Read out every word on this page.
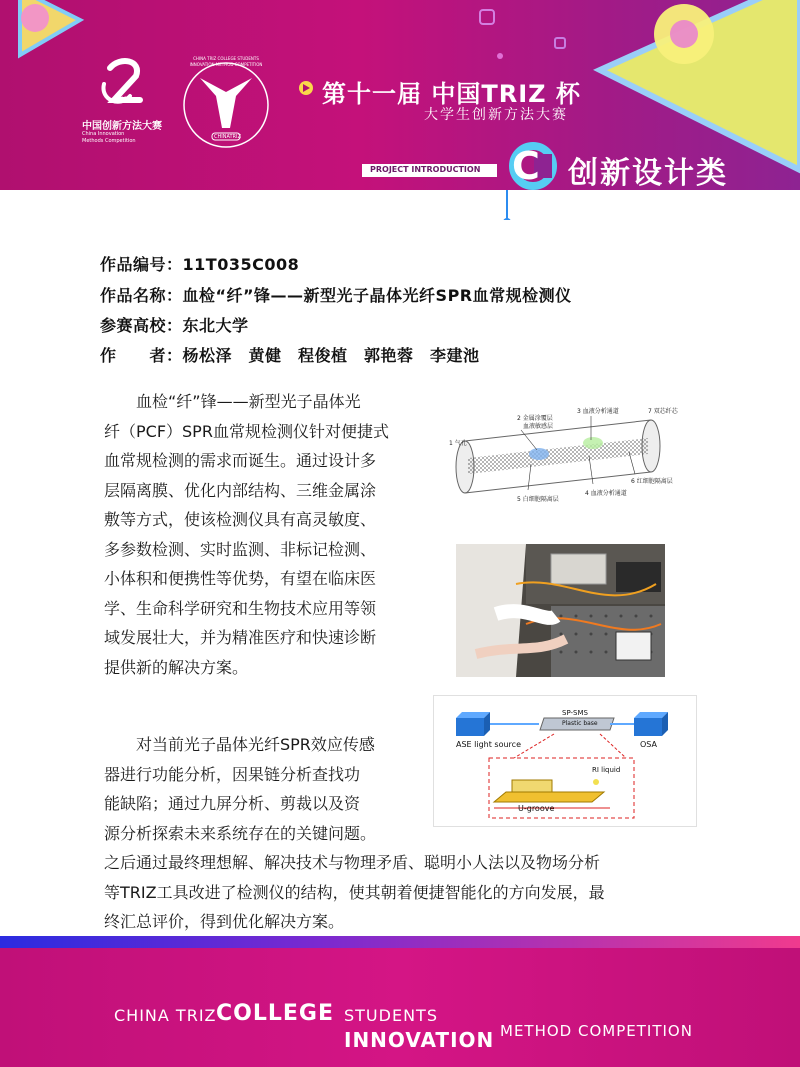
中国创新方法大赛
China Innovation Methods Competition
CIMC
CHINA TRIZ COLLEGE STUDENTS INNOVATION METHOD COMPETITION
CHINATRIZ
第十一届 中国TRIZ 杯
大学生创新方法大赛
PROJECT INTRODUCTION C 创新设计类
作品编号：11T035C008
作品名称：血检“纤”锋——新型光子晶体光纤SPR血常规检测仪
参赛高校：东北大学
作　　者：杨松泽　黄健　程俊植　郭艳蓉　李建池
　　血检“纤”锋——新型光子晶体光
纤（PCF）SPR血常规检测仪针对便捷式
血常规检测的需求而诞生。通过设计多
层隔离膜、优化内部结构、三维金属涂
敷等方式，使该检测仪具有高灵敏度、
多参数检测、实时监测、非标记检测、
小体积和便携性等优势，有望在临床医
学、生命科学研究和生物技术应用等领
域发展壮大，并为精准医疗和快速诊断
提供新的解决方案。
1 气孔
2 金属涂覆层
血液敏感层
3 血液分析通道	7 双芯纤芯
6 红细胞隔离层
4 血液分析通道
5 白细胞隔离层
ASE light source
SP-SMS
Plastic base
OSA
RI liquid
U-groove
　　对当前光子晶体光纤SPR效应传感
器进行功能分析，因果链分析查找功
能缺陷；通过九屏分析、剪裁以及资
源分析探索未来系统存在的关键问题。
之后通过最终理想解、解决技术与物理矛盾、聪明小人法以及物场分析
等TRIZ工具改进了检测仪的结构，使其朝着便捷智能化的方向发展，最
终汇总评价，得到优化解决方案。
CHINA TRIZ COLLEGE STUDENTS
INNOVATION METHOD COMPETITION
